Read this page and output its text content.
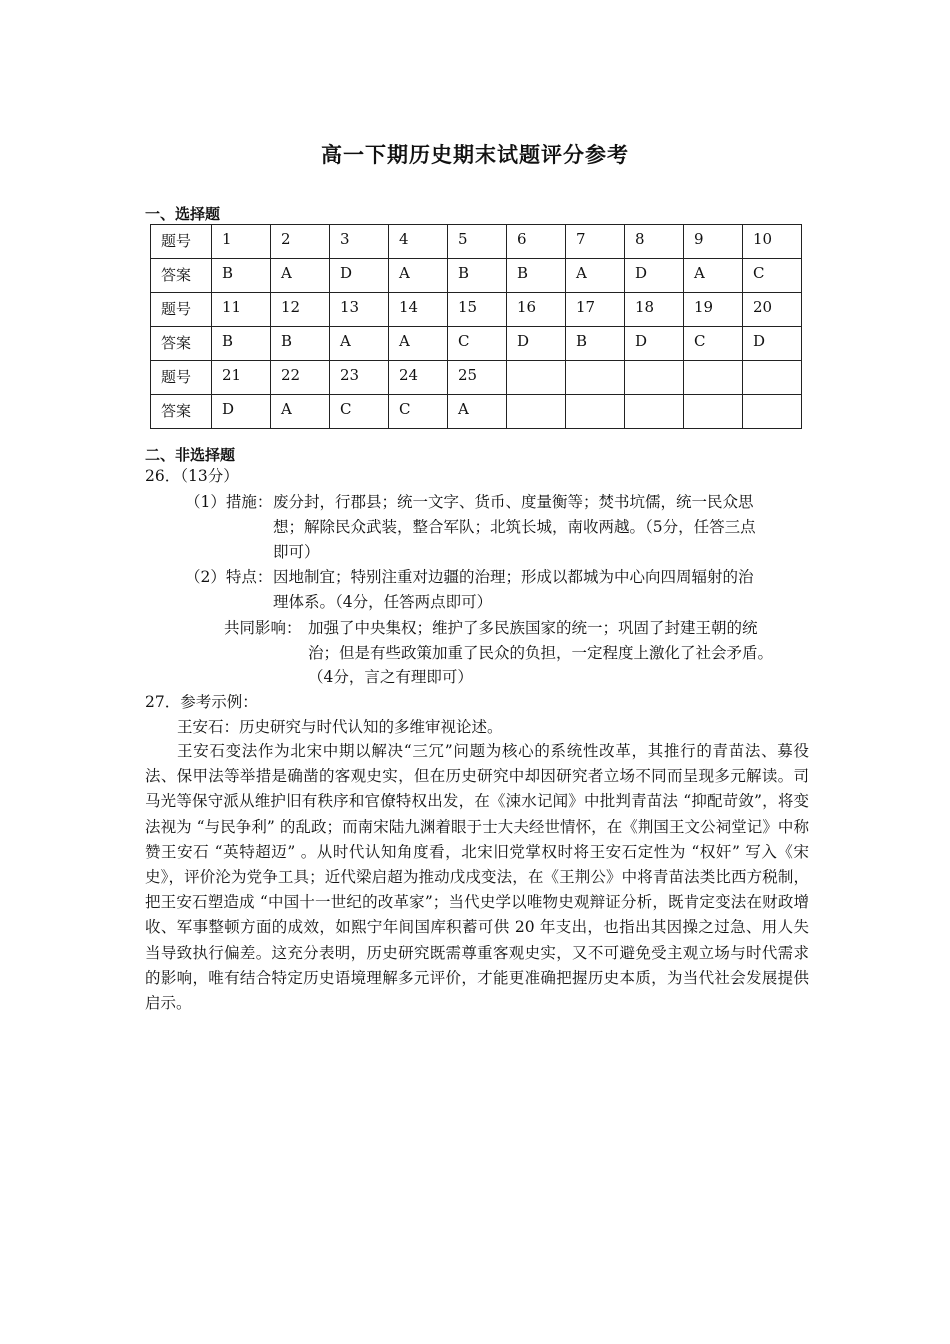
高一下期历史期末试题评分参考
一、选择题
题号	1	2	3	4	5	6	7	8	9	10
答案	B	A	D	A	B	B	A	D	A	C
题号	11	12	13	14	15	16	17	18	19	20
答案	B	B	A	A	C	D	B	D	C	D
题号	21	22	23	24	25					
答案	D	A	C	C	A					
二、非选择题
26．（13分）
（1）措施： 废分封，行郡县；统一文字、货币、度量衡等；焚书坑儒，统一民众思
想；解除民众武装，整合军队；北筑长城，南收两越。（5分，任答三点
即可）
（2）特点： 因地制宜；特别注重对边疆的治理；形成以都城为中心向四周辐射的治
理体系。（4分，任答两点即可）
共同影响： 加强了中央集权；维护了多民族国家的统一；巩固了封建王朝的统
治；但是有些政策加重了民众的负担，一定程度上激化了社会矛盾。
（4分，言之有理即可）
27．参考示例：
王安石：历史研究与时代认知的多维审视论述。
王安石变法作为北宋中期以解决“三冗”问题为核心的系统性改革，其推行的青苗法、募役法、保甲法等举措是确凿的客观史实，但在历史研究中却因研究者立场不同而呈现多元解读。司马光等保守派从维护旧有秩序和官僚特权出发，在《涑水记闻》中批判青苗法 “抑配苛敛”，将变法视为 “与民争利” 的乱政；而南宋陆九渊着眼于士大夫经世情怀，在《荆国王文公祠堂记》中称赞王安石 “英特超迈” 。从时代认知角度看，北宋旧党掌权时将王安石定性为 “权奸” 写入《宋史》，评价沦为党争工具；近代梁启超为推动戊戌变法，在《王荆公》中将青苗法类比西方税制，把王安石塑造成 “中国十一世纪的改革家”；当代史学以唯物史观辩证分析，既肯定变法在财政增收、军事整顿方面的成效，如熙宁年间国库积蓄可供 20 年支出，也指出其因操之过急、用人失当导致执行偏差。这充分表明，历史研究既需尊重客观史实，又不可避免受主观立场与时代需求的影响，唯有结合特定历史语境理解多元评价，才能更准确把握历史本质，为当代社会发展提供启示。
